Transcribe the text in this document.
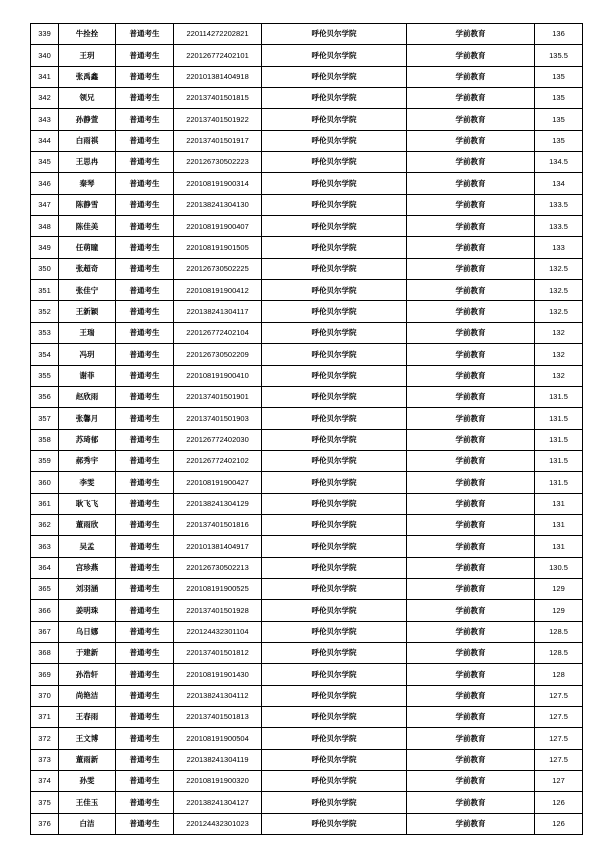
339	牛拴拴	普通考生	220114272202821	呼伦贝尔学院	学前教育	136
340	王玥	普通考生	220126772402101	呼伦贝尔学院	学前教育	135.5
341	张禹鑫	普通考生	220101381404918	呼伦贝尔学院	学前教育	135
342	领兄	普通考生	220137401501815	呼伦贝尔学院	学前教育	135
343	孙静萱	普通考生	220137401501922	呼伦贝尔学院	学前教育	135
344	白雨祺	普通考生	220137401501917	呼伦贝尔学院	学前教育	135
345	王思冉	普通考生	220126730502223	呼伦贝尔学院	学前教育	134.5
346	秦琴	普通考生	220108191900314	呼伦贝尔学院	学前教育	134
347	陈静雪	普通考生	220138241304130	呼伦贝尔学院	学前教育	133.5
348	陈佳美	普通考生	220108191900407	呼伦贝尔学院	学前教育	133.5
349	任萌瞳	普通考生	220108191901505	呼伦贝尔学院	学前教育	133
350	张超奇	普通考生	220126730502225	呼伦贝尔学院	学前教育	132.5
351	张佳宁	普通考生	220108191900412	呼伦贝尔学院	学前教育	132.5
352	王新颖	普通考生	220138241304117	呼伦贝尔学院	学前教育	132.5
353	王瑞	普通考生	220126772402104	呼伦贝尔学院	学前教育	132
354	冯玥	普通考生	220126730502209	呼伦贝尔学院	学前教育	132
355	谢菲	普通考生	220108191900410	呼伦贝尔学院	学前教育	132
356	赵欣雨	普通考生	220137401501901	呼伦贝尔学院	学前教育	131.5
357	张馨月	普通考生	220137401501903	呼伦贝尔学院	学前教育	131.5
358	苏琦郁	普通考生	220126772402030	呼伦贝尔学院	学前教育	131.5
359	郝秀宇	普通考生	220126772402102	呼伦贝尔学院	学前教育	131.5
360	李雯	普通考生	220108191900427	呼伦贝尔学院	学前教育	131.5
361	耿飞飞	普通考生	220138241304129	呼伦贝尔学院	学前教育	131
362	董雨欣	普通考生	220137401501816	呼伦贝尔学院	学前教育	131
363	吴孟	普通考生	220101381404917	呼伦贝尔学院	学前教育	131
364	宫珍燕	普通考生	220126730502213	呼伦贝尔学院	学前教育	130.5
365	刘羽涵	普通考生	220108191900525	呼伦贝尔学院	学前教育	129
366	姜明珠	普通考生	220137401501928	呼伦贝尔学院	学前教育	129
367	乌日娜	普通考生	220124432301104	呼伦贝尔学院	学前教育	128.5
368	于建新	普通考生	220137401501812	呼伦贝尔学院	学前教育	128.5
369	孙浩轩	普通考生	220108191901430	呼伦贝尔学院	学前教育	128
370	尚艳洁	普通考生	220138241304112	呼伦贝尔学院	学前教育	127.5
371	王春雨	普通考生	220137401501813	呼伦贝尔学院	学前教育	127.5
372	王文博	普通考生	220108191900504	呼伦贝尔学院	学前教育	127.5
373	董雨新	普通考生	220138241304119	呼伦贝尔学院	学前教育	127.5
374	孙雯	普通考生	220108191900320	呼伦贝尔学院	学前教育	127
375	王佳玉	普通考生	220138241304127	呼伦贝尔学院	学前教育	126
376	白洁	普通考生	220124432301023	呼伦贝尔学院	学前教育	126
